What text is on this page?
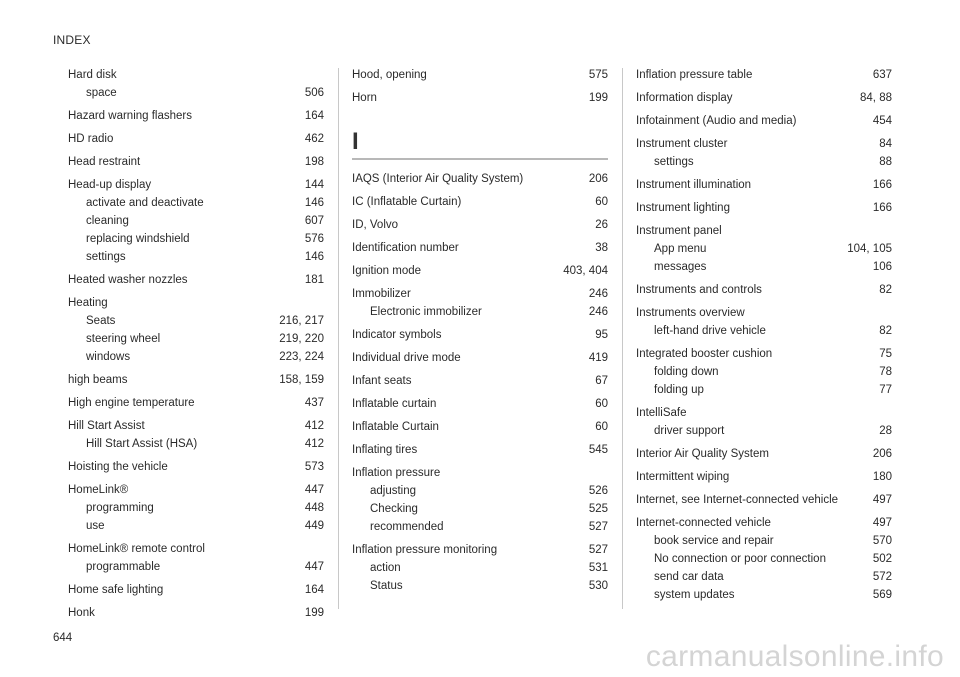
INDEX
Hard disk
space	506
Hazard warning flashers	164
HD radio	462
Head restraint	198
Head-up display	144
activate and deactivate	146
cleaning	607
replacing windshield	576
settings	146
Heated washer nozzles	181
Heating
Seats	216, 217
steering wheel	219, 220
windows	223, 224
high beams	158, 159
High engine temperature	437
Hill Start Assist	412
Hill Start Assist (HSA)	412
Hoisting the vehicle	573
HomeLink®	447
programming	448
use	449
HomeLink® remote control
programmable	447
Home safe lighting	164
Honk	199
Hood, opening	575
Horn	199
I
IAQS (Interior Air Quality System)	206
IC (Inflatable Curtain)	60
ID, Volvo	26
Identification number	38
Ignition mode	403, 404
Immobilizer	246
Electronic immobilizer	246
Indicator symbols	95
Individual drive mode	419
Infant seats	67
Inflatable curtain	60
Inflatable Curtain	60
Inflating tires	545
Inflation pressure
adjusting	526
Checking	525
recommended	527
Inflation pressure monitoring	527
action	531
Status	530
Inflation pressure table	637
Information display	84, 88
Infotainment (Audio and media)	454
Instrument cluster	84
settings	88
Instrument illumination	166
Instrument lighting	166
Instrument panel
App menu	104, 105
messages	106
Instruments and controls	82
Instruments overview
left-hand drive vehicle	82
Integrated booster cushion	75
folding down	78
folding up	77
IntelliSafe
driver support	28
Interior Air Quality System	206
Intermittent wiping	180
Internet, see Internet-connected vehicle	497
Internet-connected vehicle	497
book service and repair	570
No connection or poor connection	502
send car data	572
system updates	569
644
carmanualsonline.info
